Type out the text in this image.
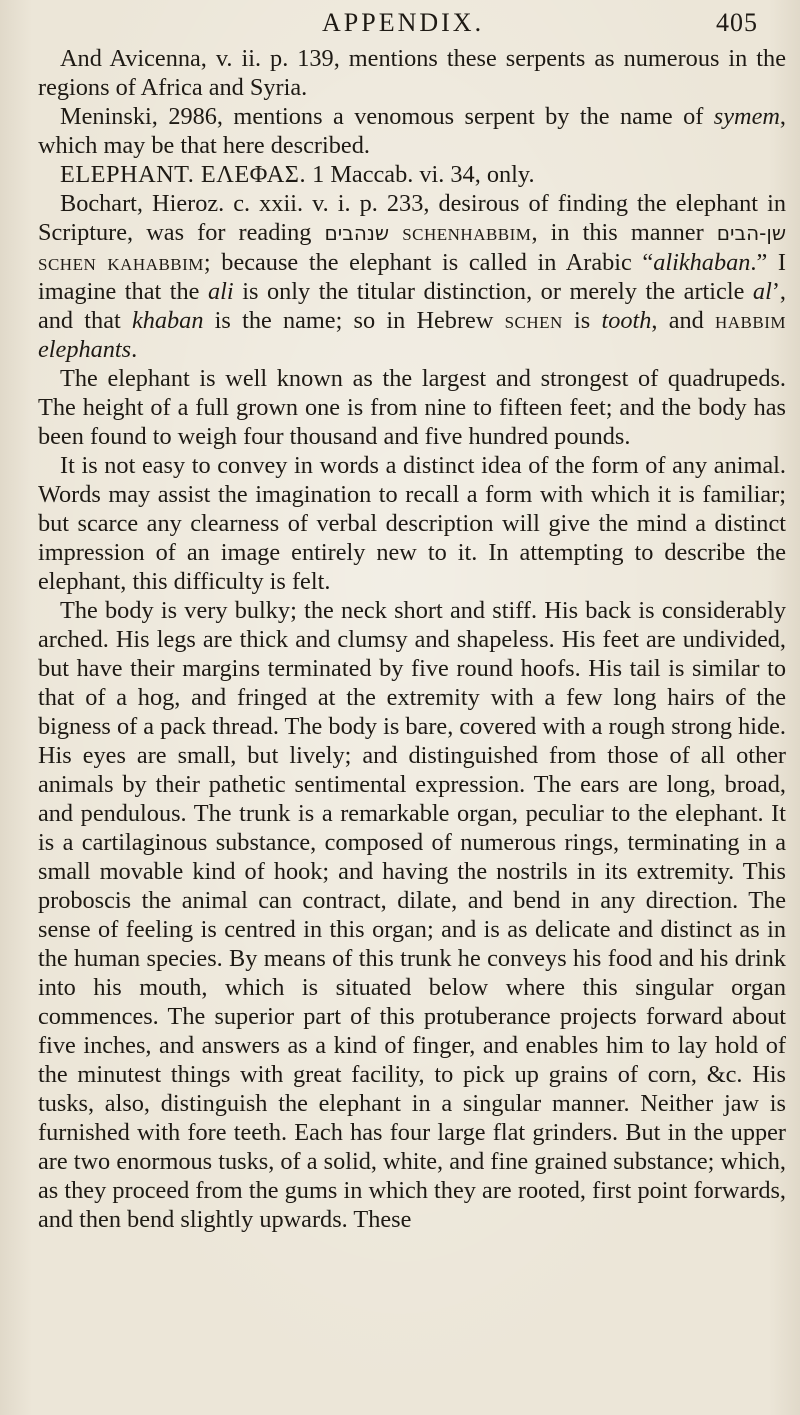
APPENDIX.	405

And Avicenna, v. ii. p. 139, mentions these serpents as numerous in the regions of Africa and Syria.

Meninski, 2986, mentions a venomous serpent by the name of symem, which may be that here described.

ELEPHANT. ΕΛΕΦΑΣ. 1 Maccab. vi. 34, only.

Bochart, Hieroz. c. xxii. v. i. p. 233, desirous of finding the elephant in Scripture, was for reading שנהבים schenhabbim, in this manner שן-הבים schen kahabbim; because the elephant is called in Arabic “alikhaban.” I imagine that the ali is only the titular distinction, or merely the article al’, and that khaban is the name; so in Hebrew schen is tooth, and habbim elephants.

The elephant is well known as the largest and strongest of quadrupeds. The height of a full grown one is from nine to fifteen feet; and the body has been found to weigh four thousand and five hundred pounds.

It is not easy to convey in words a distinct idea of the form of any animal. Words may assist the imagination to recall a form with which it is familiar; but scarce any clearness of verbal description will give the mind a distinct impression of an image entirely new to it. In attempting to describe the elephant, this difficulty is felt.

The body is very bulky; the neck short and stiff. His back is considerably arched. His legs are thick and clumsy and shapeless. His feet are undivided, but have their margins terminated by five round hoofs. His tail is similar to that of a hog, and fringed at the extremity with a few long hairs of the bigness of a pack thread. The body is bare, covered with a rough strong hide. His eyes are small, but lively; and distinguished from those of all other animals by their pathetic sentimental expression. The ears are long, broad, and pendulous. The trunk is a remarkable organ, peculiar to the elephant. It is a cartilaginous substance, composed of numerous rings, terminating in a small movable kind of hook; and having the nostrils in its extremity. This proboscis the animal can contract, dilate, and bend in any direction. The sense of feeling is centred in this organ; and is as delicate and distinct as in the human species. By means of this trunk he conveys his food and his drink into his mouth, which is situated below where this singular organ commences. The superior part of this protuberance projects forward about five inches, and answers as a kind of finger, and enables him to lay hold of the minutest things with great facility, to pick up grains of corn, &c. His tusks, also, distinguish the elephant in a singular manner. Neither jaw is furnished with fore teeth. Each has four large flat grinders. But in the upper are two enormous tusks, of a solid, white, and fine grained substance; which, as they proceed from the gums in which they are rooted, first point forwards, and then bend slightly upwards. These
